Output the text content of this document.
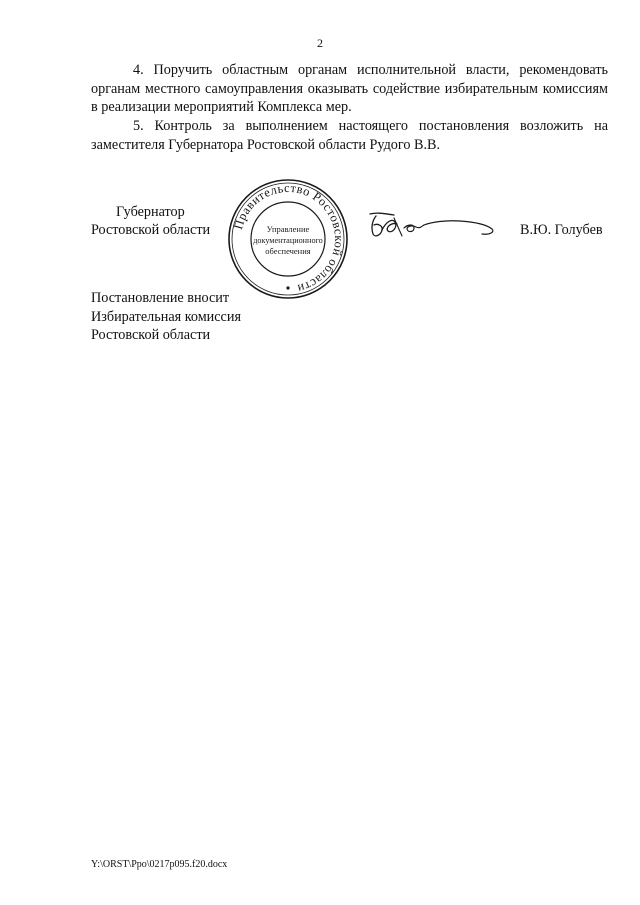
2

4. Поручить областным органам исполнительной власти, рекомендовать органам местного самоуправления оказывать содействие избирательным комиссиям в реализации мероприятий Комплекса мер.

5. Контроль за выполнением настоящего постановления возложить на заместителя Губернатора Ростовской области Рудого В.В.

Губернатор
Ростовской области	В.Ю. Голубев
Правительство Ростовской области
Управление
документационного
обеспечения
Постановление вносит
Избирательная комиссия
Ростовской области
Y:\ORST\Ppo\0217p095.f20.docx
